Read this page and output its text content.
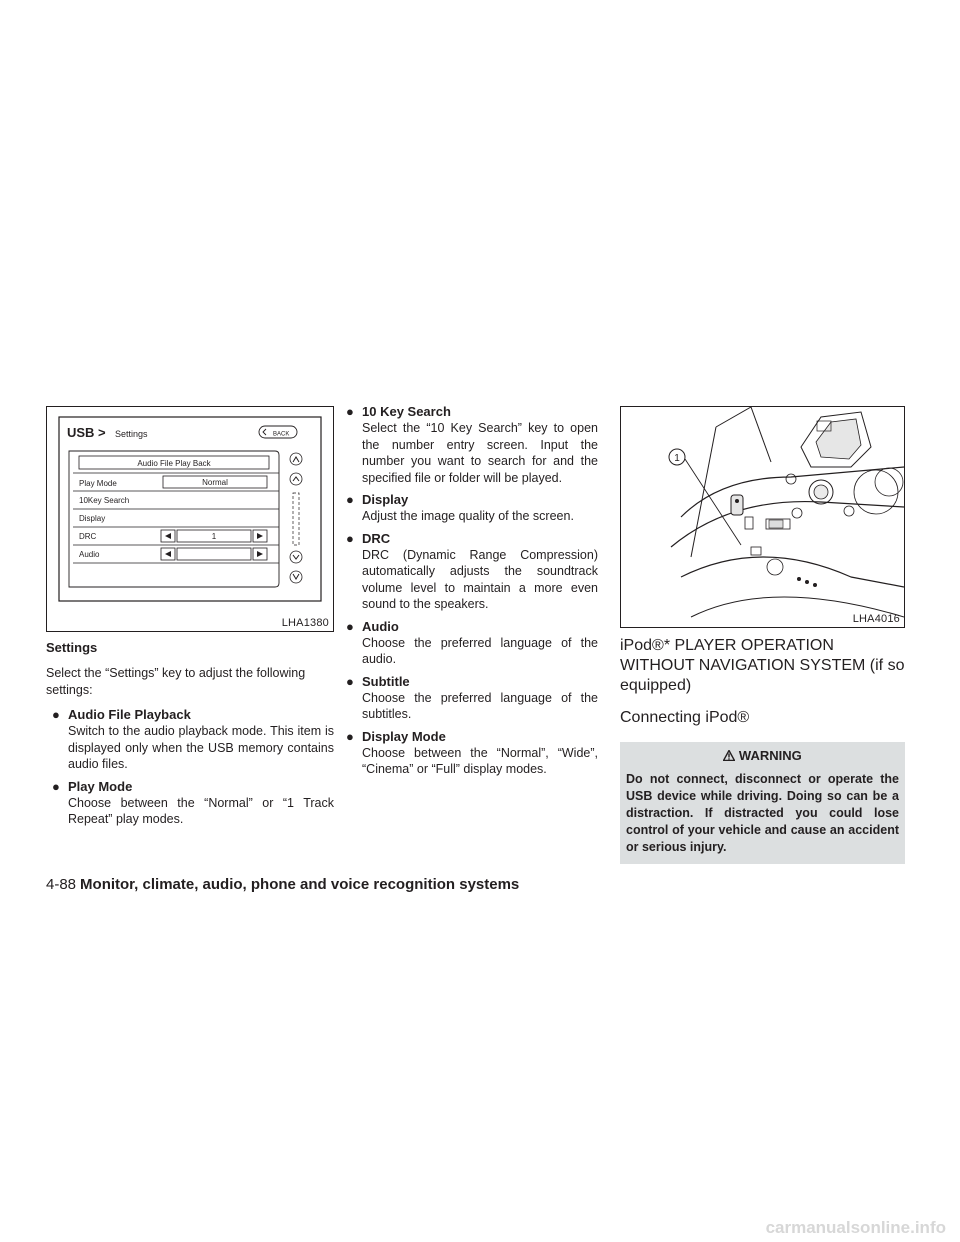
USB > Settings	BACK
Audio File Play Back
Play Mode	Normal
10Key Search
Display
DRC	1
Audio
LHA1380
Settings

Select the “Settings” key to adjust the following settings:

● Audio File Playback
Switch to the audio playback mode. This item is displayed only when the USB memory contains audio files.
● Play Mode
Choose between the “Normal” or “1 Track Repeat” play modes.
● 10 Key Search
Select the “10 Key Search” key to open the number entry screen. Input the number you want to search for and the specified file or folder will be played.
● Display
Adjust the image quality of the screen.
● DRC
DRC (Dynamic Range Compression) automatically adjusts the soundtrack volume level to maintain a more even sound to the speakers.
● Audio
Choose the preferred language of the audio.
● Subtitle
Choose the preferred language of the subtitles.
● Display Mode
Choose between the “Normal”, “Wide”, “Cinema” or “Full” display modes.
1
LHA4016
iPod®* PLAYER OPERATION WITHOUT NAVIGATION SYSTEM (if so equipped)
Connecting iPod®
WARNING
Do not connect, disconnect or operate the USB device while driving. Doing so can be a distraction. If distracted you could lose control of your vehicle and cause an accident or serious injury.
4-88 Monitor, climate, audio, phone and voice recognition systems
carmanualsonline.info
